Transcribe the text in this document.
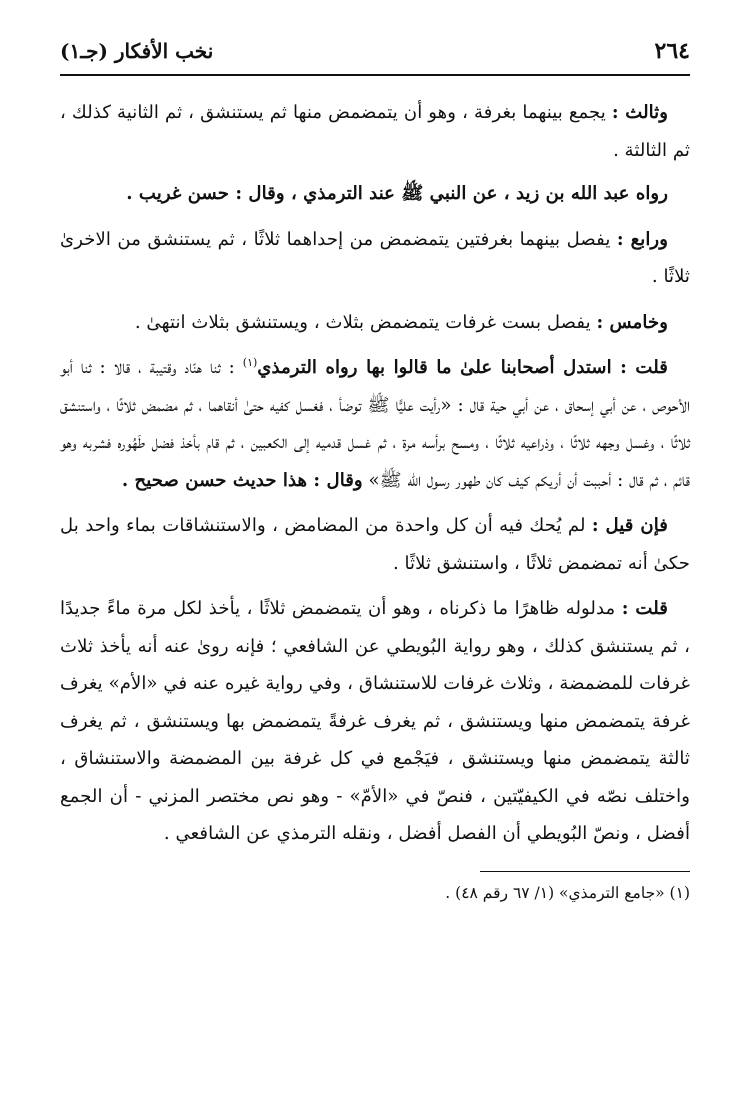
٢٦٤
نخب الأفكار (جـ١)

وثالث : يجمع بينهما بغرفة ، وهو أن يتمضمض منها ثم يستنشق ، ثم الثانية كذلك ، ثم الثالثة .

رواه عبد الله بن زيد ، عن النبي ﷺ عند الترمذي ، وقال : حسن غريب .

ورابع : يفصل بينهما بغرفتين يتمضمض من إحداهما ثلاثًا ، ثم يستنشق من الاخرىٰ ثلاثًا .

وخامس : يفصل بست غرفات يتمضمض بثلاث ، ويستنشق بثلاث انتهىٰ .

قلت : استدل أصحابنا علىٰ ما قالوا بها رواه الترمذي$^{(١)}$ : ثنا هنّاد وقتيبة ، قالا : ثنا أبو الأحوص ، عن أبي إسحاق ، عن أبي حية قال : «رأيت عليًّا ﷺ توضأ ، فغسل كفيه حتىٰ أنقاهما ، ثم مضمض ثلاثًا ، واستنشق ثلاثًا ، وغسل وجهه ثلاثًا ، وذراعيه ثلاثًا ، ومسح برأسه مرة ، ثم غسل قدميه إلى الكعبين ، ثم قام بأخذ فضل طَهُوره فشربه وهو قائم ، ثم قال : أحببت أن أريكم كيف كان طهور رسول الله ﷺ» وقال : هذا حديث حسن صحيح .

فإن قيل : لم يُحك فيه أن كل واحدة من المضامض ، والاستنشاقات بماء واحد بل حكىٰ أنه تمضمض ثلاثًا ، واستنشق ثلاثًا .

قلت : مدلوله ظاهرًا ما ذكرناه ، وهو أن يتمضمض ثلاثًا ، يأخذ لكل مرة ماءً جديدًا ، ثم يستنشق كذلك ، وهو رواية البُويطي عن الشافعي ؛ فإنه روىٰ عنه أنه يأخذ ثلاث غرفات للمضمضة ، وثلاث غرفات للاستنشاق ، وفي رواية غيره عنه في «الأم» يغرف غرفة يتمضمض منها ويستنشق ، ثم يغرف غرفةً يتمضمض بها ويستنشق ، ثم يغرف ثالثة يتمضمض منها ويستنشق ، فيَجْمع في كل غرفة بين المضمضة والاستنشاق ، واختلف نصّه في الكيفيّتين ، فنصّ في «الأمّ» - وهو نص مختصر المزني - أن الجمع أفضل ، ونصّ البُويطي أن الفصل أفضل ، ونقله الترمذي عن الشافعي .

(١) «جامع الترمذي» (١/ ٦٧ رقم ٤٨) .
